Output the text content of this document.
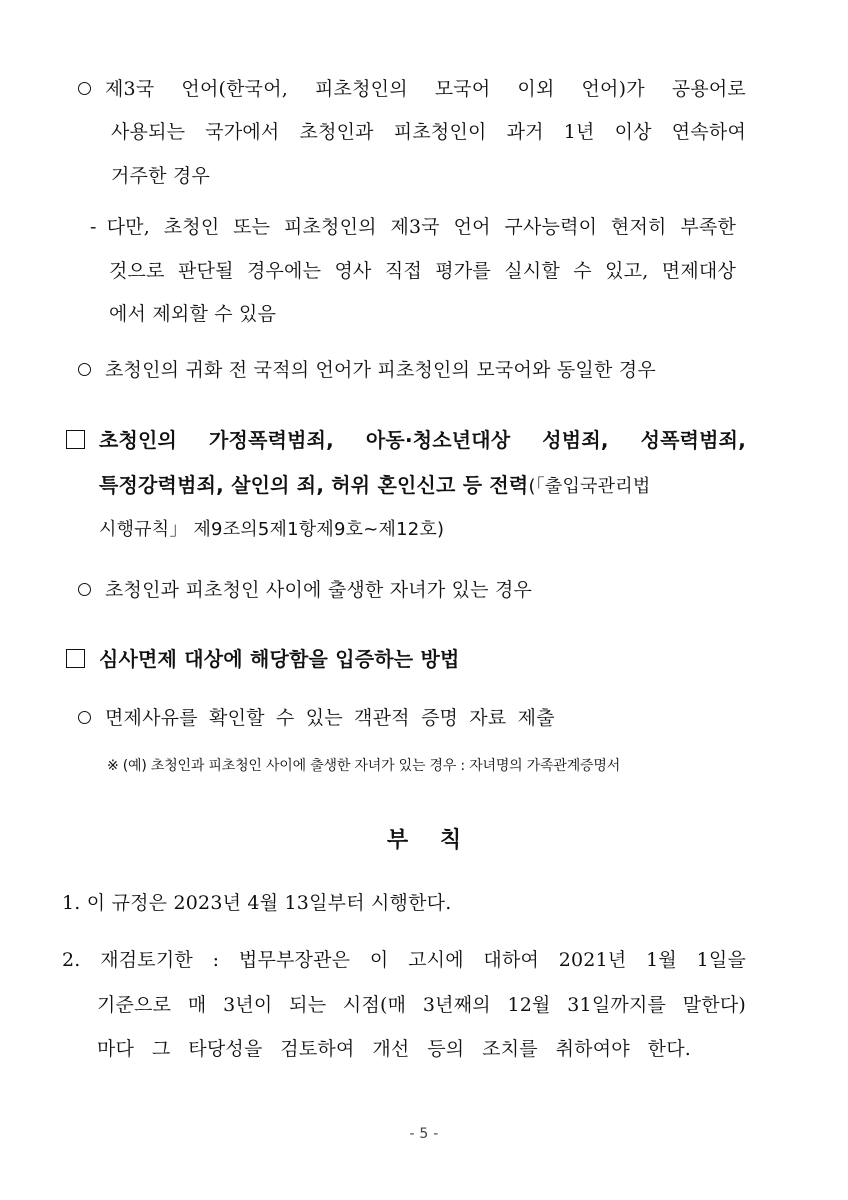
제3국 언어(한국어, 피초청인의 모국어 이외 언어)가 공용어로
사용되는 국가에서 초청인과 피초청인이 과거 1년 이상 연속하여
거주한 경우
- 다만, 초청인 또는 피초청인의 제3국 언어 구사능력이 현저히 부족한
것으로 판단될 경우에는 영사 직접 평가를 실시할 수 있고, 면제대상
에서 제외할 수 있음
초청인의 귀화 전 국적의 언어가 피초청인의 모국어와 동일한 경우
초청인의 가정폭력범죄, 아동·청소년대상 성범죄, 성폭력범죄,
특정강력범죄, 살인의 죄, 허위 혼인신고 등 전력(「출입국관리법
시행규칙」 제9조의5제1항제9호~제12호)
초청인과 피초청인 사이에 출생한 자녀가 있는 경우
심사면제 대상에 해당함을 입증하는 방법
면제사유를 확인할 수 있는 객관적 증명 자료 제출
※ (예) 초청인과 피초청인 사이에 출생한 자녀가 있는 경우 : 자녀명의 가족관계증명서
부 칙
1. 이 규정은 2023년 4월 13일부터 시행한다.
2. 재검토기한 : 법무부장관은 이 고시에 대하여 2021년 1월 1일을
기준으로 매 3년이 되는 시점(매 3년째의 12월 31일까지를 말한다)
마다 그 타당성을 검토하여 개선 등의 조치를 취하여야 한다.
- 5 -
